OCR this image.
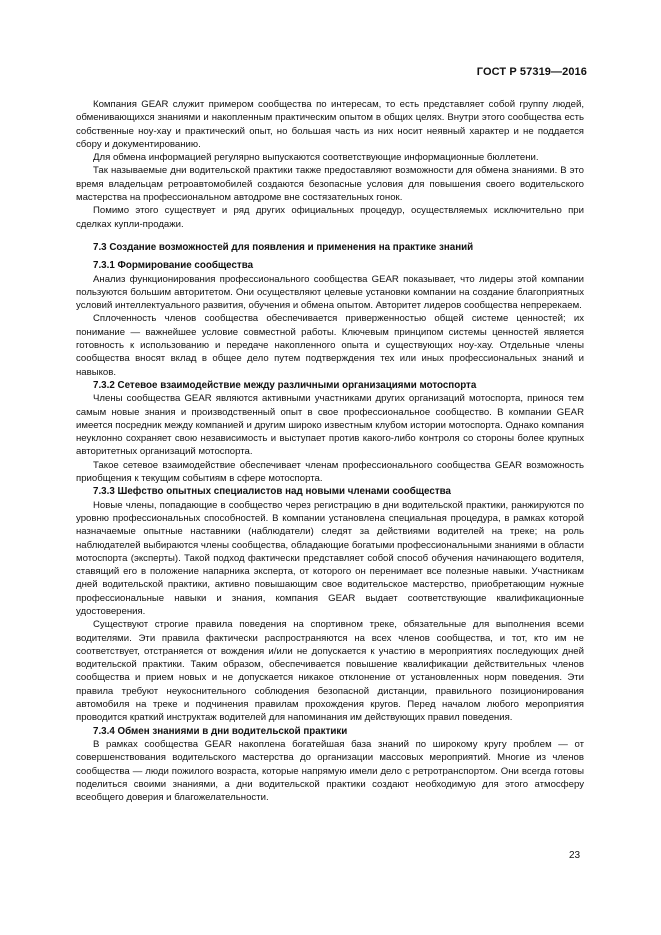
ГОСТ Р 57319—2016

Компания GEAR служит примером сообщества по интересам, то есть представляет собой группу людей, обменивающихся знаниями и накопленным практическим опытом в общих целях. Внутри этого сообщества есть собственные ноу-хау и практический опыт, но большая часть из них носит неявный характер и не поддается сбору и документированию.

Для обмена информацией регулярно выпускаются соответствующие информационные бюллетени.

Так называемые дни водительской практики также предоставляют возможности для обмена знаниями. В это время владельцам ретроавтомобилей создаются безопасные условия для повышения своего водительского мастерства на профессиональном автодроме вне состязательных гонок.

Помимо этого существует и ряд других официальных процедур, осуществляемых исключительно при сделках купли-продажи.

7.3 Создание возможностей для появления и применения на практике знаний
7.3.1 Формирование сообщества

Анализ функционирования профессионального сообщества GEAR показывает, что лидеры этой компании пользуются большим авторитетом. Они осуществляют целевые установки компании на создание благоприятных условий интеллектуального развития, обучения и обмена опытом. Авторитет лидеров сообщества непререкаем.

Сплоченность членов сообщества обеспечивается приверженностью общей системе ценностей; их понимание — важнейшее условие совместной работы. Ключевым принципом системы ценностей является готовность к использованию и передаче накопленного опыта и существующих ноу-хау. Отдельные члены сообщества вносят вклад в общее дело путем подтверждения тех или иных профессиональных знаний и навыков.

7.3.2 Сетевое взаимодействие между различными организациями мотоспорта

Члены сообщества GEAR являются активными участниками других организаций мотоспорта, принося тем самым новые знания и производственный опыт в свое профессиональное сообщество. В компании GEAR имеется посредник между компанией и другим широко известным клубом истории мотоспорта. Однако компания неуклонно сохраняет свою независимость и выступает против какого-либо контроля со стороны более крупных авторитетных организаций мотоспорта.

Такое сетевое взаимодействие обеспечивает членам профессионального сообщества GEAR возможность приобщения к текущим событиям в сфере мотоспорта.

7.3.3 Шефство опытных специалистов над новыми членами сообщества

Новые члены, попадающие в сообщество через регистрацию в дни водительской практики, ранжируются по уровню профессиональных способностей. В компании установлена специальная процедура, в рамках которой назначаемые опытные наставники (наблюдатели) следят за действиями водителей на треке; на роль наблюдателей выбираются члены сообщества, обладающие богатыми профессиональными знаниями в области мотоспорта (эксперты). Такой подход фактически представляет собой способ обучения начинающего водителя, ставящий его в положение напарника эксперта, от которого он перенимает все полезные навыки. Участникам дней водительской практики, активно повышающим свое водительское мастерство, приобретающим нужные профессиональные навыки и знания, компания GEAR выдает соответствующие квалификационные удостоверения.

Существуют строгие правила поведения на спортивном треке, обязательные для выполнения всеми водителями. Эти правила фактически распространяются на всех членов сообщества, и тот, кто им не соответствует, отстраняется от вождения и/или не допускается к участию в мероприятиях последующих дней водительской практики. Таким образом, обеспечивается повышение квалификации действительных членов сообщества и прием новых и не допускается никакое отклонение от установленных норм поведения. Эти правила требуют неукоснительного соблюдения безопасной дистанции, правильного позиционирования автомобиля на треке и подчинения правилам прохождения кругов. Перед началом любого мероприятия проводится краткий инструктаж водителей для напоминания им действующих правил поведения.

7.3.4 Обмен знаниями в дни водительской практики

В рамках сообщества GEAR накоплена богатейшая база знаний по широкому кругу проблем — от совершенствования водительского мастерства до организации массовых мероприятий. Многие из членов сообщества — люди пожилого возраста, которые напрямую имели дело с ретротранспортом. Они всегда готовы поделиться своими знаниями, а дни водительской практики создают необходимую для этого атмосферу всеобщего доверия и благожелательности.

23
